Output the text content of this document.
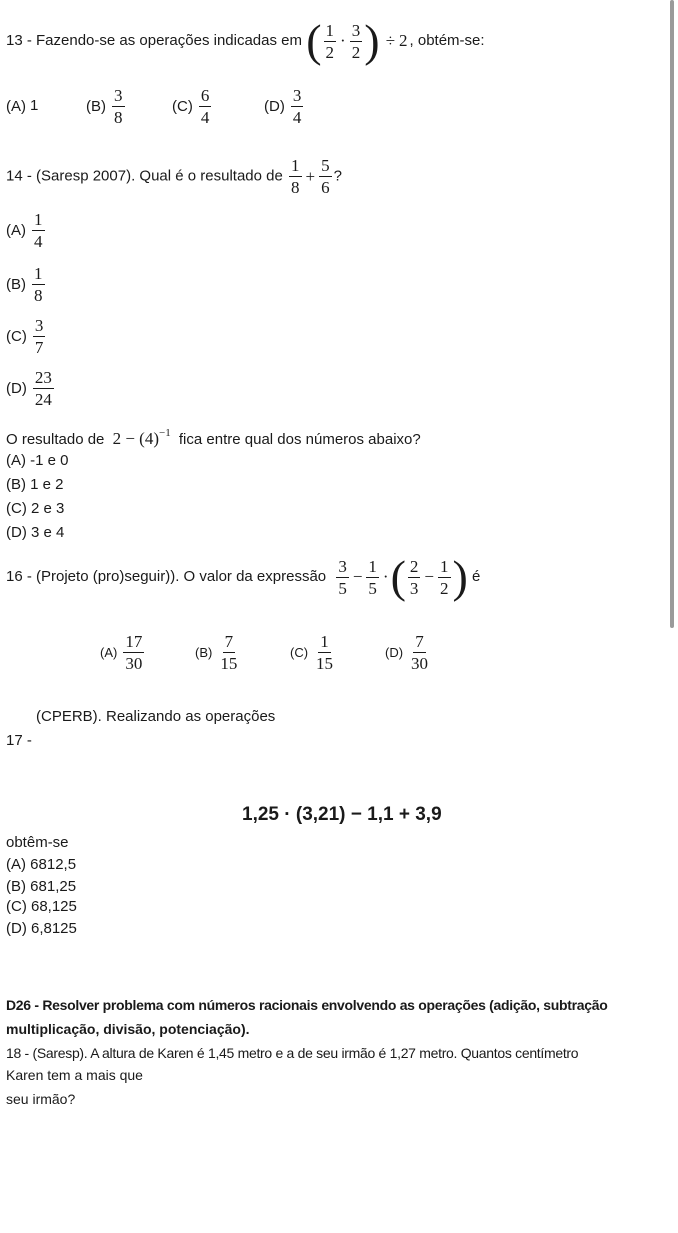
13 - Fazendo-se as operações indicadas em ( $\frac{1}{2} \cdot \frac{3}{2}$ ) ÷ 2 , obtém-se:
(A) 1	$(B) \frac{3}{8}$	$(C) \frac{6}{4}$	$(D) \frac{3}{4}$
14 - (Saresp 2007). Qual é o resultado de $\frac{1}{8} + \frac{5}{6}$ ?
$(A) \frac{1}{4}$
$(B) \frac{1}{8}$
$(C) \frac{3}{7}$
$(D) \frac{23}{24}$
O resultado de $2 - (4)^{-1}$ fica entre qual dos números abaixo?
(A) -1 e 0
(B) 1 e 2
(C) 2 e 3
(D) 3 e 4
16 - (Projeto (pro)seguir)). O valor da expressão $\frac{3}{5} - \frac{1}{5}$ ·( $\frac{2}{3} - \frac{1}{2}$ ) é
$(A) \frac{17}{30}$	$(B) \frac{7}{15}$	$(C) \frac{1}{15}$	$(D) \frac{7}{30}$
(CPERB). Realizando as operações
17 -
1,25 · (3,21) − 1,1 + 3,9
obtêm-se
(A) 6812,5
(B) 681,25
(C) 68,125
(D) 6,8125
D26 - Resolver problema com números racionais envolvendo as operações (adição, subtração
multiplicação, divisão, potenciação).
18 - (Saresp). A altura de Karen é 1,45 metro e a de seu irmão é 1,27 metro. Quantos centímetro
Karen tem a mais que
seu irmão?
